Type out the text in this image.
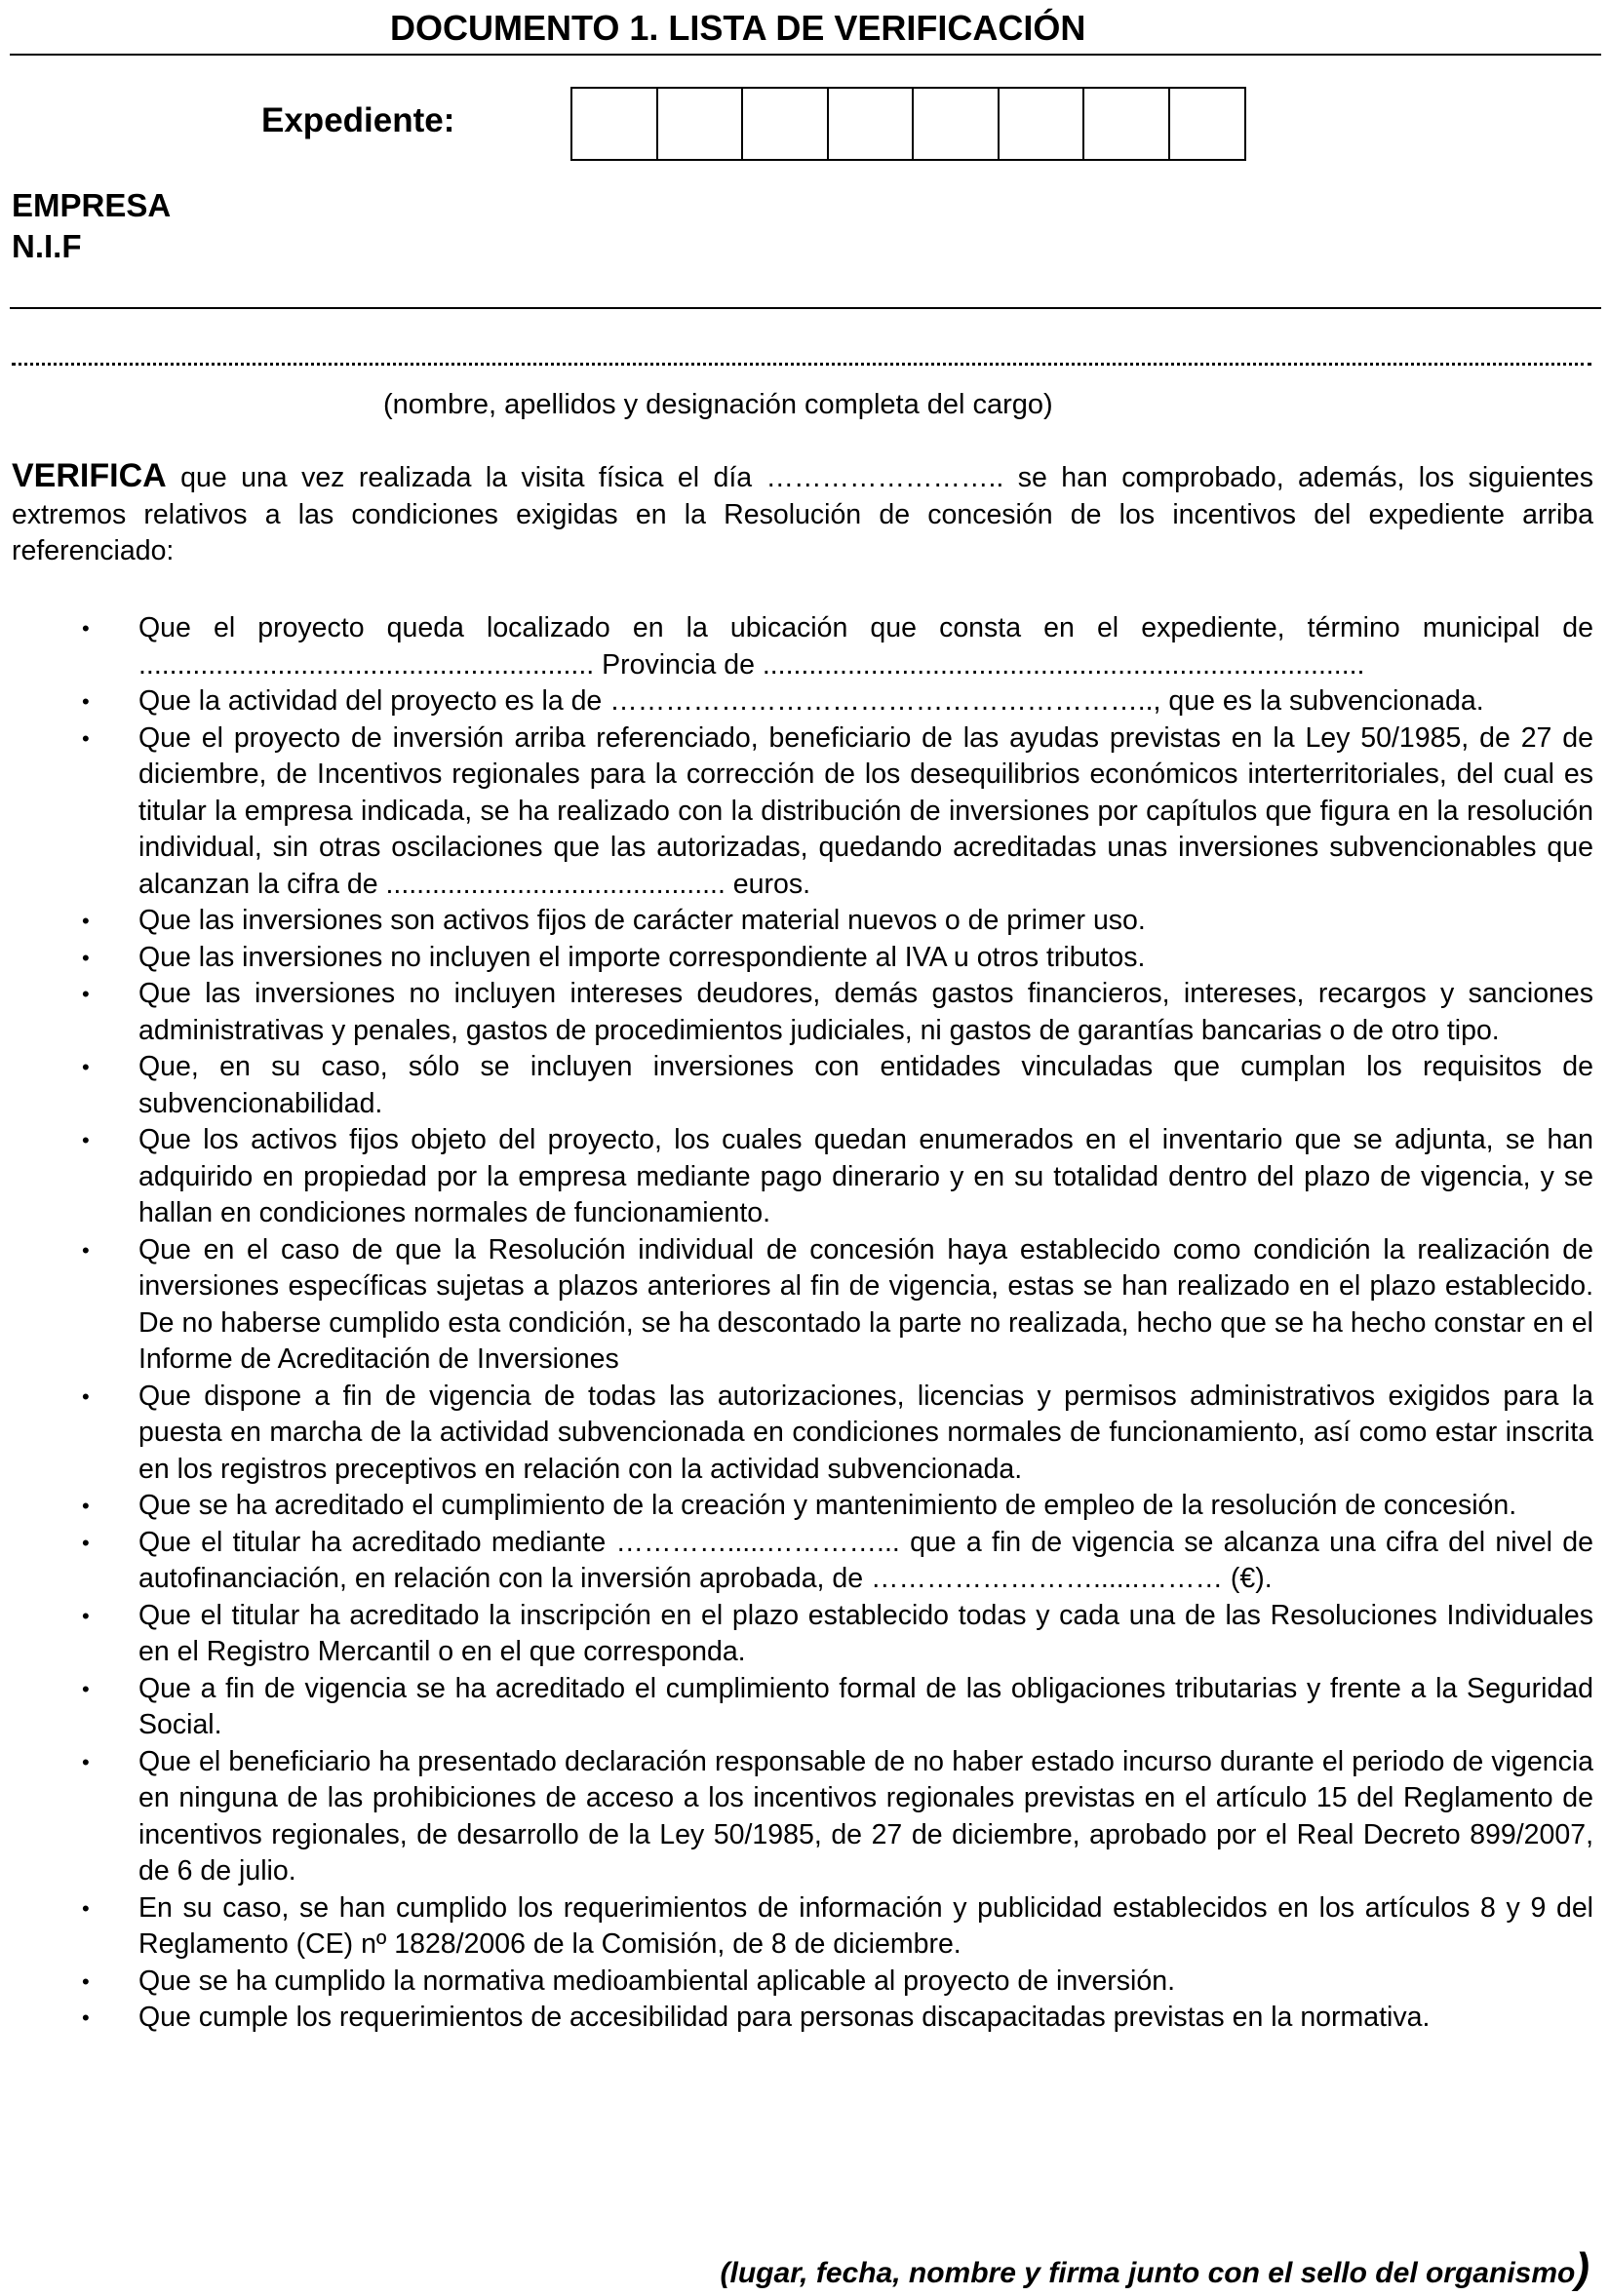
DOCUMENTO 1. LISTA DE VERIFICACIÓN
Expediente:
EMPRESA
N.I.F
(nombre, apellidos y designación completa del cargo)
VERIFICA que una vez realizada la visita física el día …………………….. se han comprobado, además, los siguientes extremos relativos a las condiciones exigidas en la Resolución de concesión de los incentivos del expediente arriba referenciado:
• Que el proyecto queda localizado en la ubicación que consta en el expediente, término municipal de ........................................................... Provincia de ..............................................................................
• Que la actividad del proyecto es la de ………………………………………………….., que es la subvencionada.
• Que el proyecto de inversión arriba referenciado, beneficiario de las ayudas previstas en la Ley 50/1985, de 27 de diciembre, de Incentivos regionales para la corrección de los desequilibrios económicos interterritoriales, del cual es titular la empresa indicada, se ha realizado con la distribución de inversiones por capítulos que figura en la resolución individual, sin otras oscilaciones que las autorizadas, quedando acreditadas unas inversiones subvencionables que alcanzan la cifra de ............................................ euros.
• Que las inversiones son activos fijos de carácter material nuevos o de primer uso.
• Que las inversiones no incluyen el importe correspondiente al IVA u otros tributos.
• Que las inversiones no incluyen intereses deudores, demás gastos financieros, intereses, recargos y sanciones administrativas y penales, gastos de procedimientos judiciales, ni gastos de garantías bancarias o de otro tipo.
• Que, en su caso, sólo se incluyen inversiones con entidades vinculadas que cumplan los requisitos de subvencionabilidad.
• Que los activos fijos objeto del proyecto, los cuales quedan enumerados en el inventario que se adjunta, se han adquirido en propiedad por la empresa mediante pago dinerario y en su totalidad dentro del plazo de vigencia, y se hallan en condiciones normales de funcionamiento.
• Que en el caso de que la Resolución individual de concesión haya establecido como condición la realización de inversiones específicas sujetas a plazos anteriores al fin de vigencia, estas se han realizado en el plazo establecido. De no haberse cumplido esta condición, se ha descontado la parte no realizada, hecho que se ha hecho constar en el Informe de Acreditación de Inversiones
• Que dispone a fin de vigencia de todas las autorizaciones, licencias y permisos administrativos exigidos para la puesta en marcha de la actividad subvencionada en condiciones normales de funcionamiento, así como estar inscrita en los registros preceptivos en relación con la actividad subvencionada.
• Que se ha acreditado el cumplimiento de la creación y mantenimiento de empleo de la resolución de concesión.
• Que el titular ha acreditado mediante ………….....…………... que a fin de vigencia se alcanza una cifra del nivel de autofinanciación, en relación con la inversión aprobada, de ……………………......……… (€).
• Que el titular ha acreditado la inscripción en el plazo establecido todas y cada una de las Resoluciones Individuales en el Registro Mercantil o en el que corresponda.
• Que a fin de vigencia se ha acreditado el cumplimiento formal de las obligaciones tributarias y frente a la Seguridad Social.
• Que el beneficiario ha presentado declaración responsable de no haber estado incurso durante el periodo de vigencia en ninguna de las prohibiciones de acceso a los incentivos regionales previstas en el artículo 15 del Reglamento de incentivos regionales, de desarrollo de la Ley 50/1985, de 27 de diciembre, aprobado por el Real Decreto 899/2007, de 6 de julio.
• En su caso, se han cumplido los requerimientos de información y publicidad establecidos en los artículos 8 y 9 del Reglamento (CE) nº 1828/2006 de la Comisión, de 8 de diciembre.
• Que se ha cumplido la normativa medioambiental aplicable al proyecto de inversión.
• Que cumple los requerimientos de accesibilidad para personas discapacitadas previstas en la normativa.
(lugar, fecha, nombre y firma junto con el sello del organismo)
